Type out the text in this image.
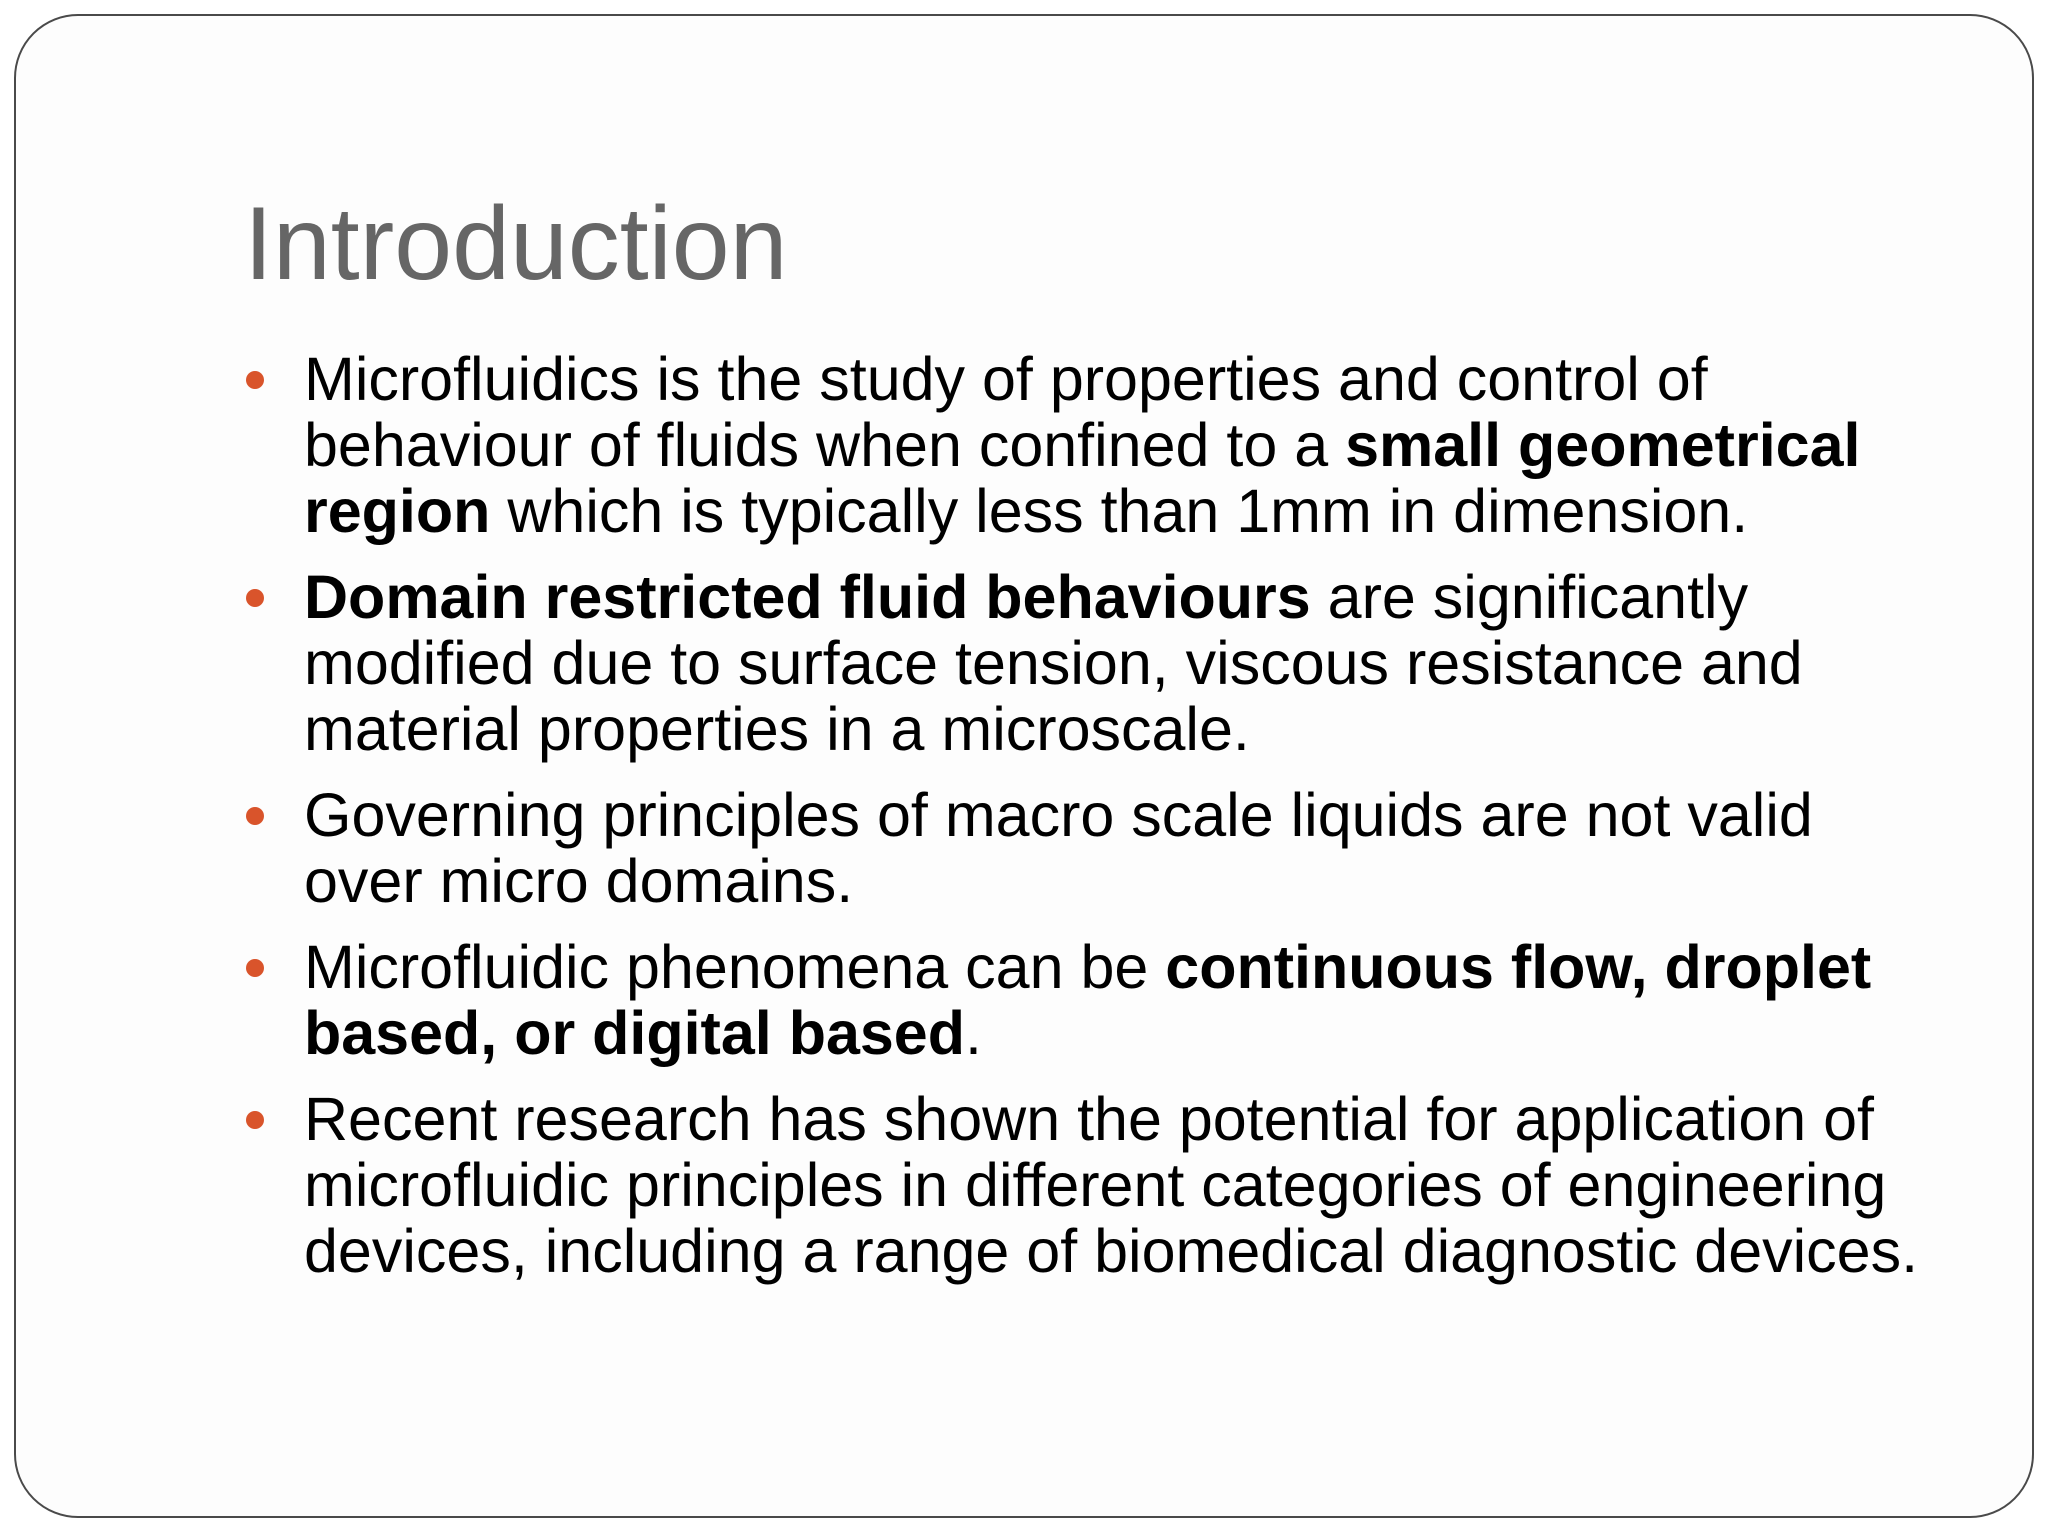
Introduction
Microfluidics is the study of properties and control of behaviour of fluids when confined to a small geometrical region which is typically less than 1mm in dimension.
Domain restricted fluid behaviours are significantly modified due to surface tension, viscous resistance and material properties in a microscale.
Governing principles of macro scale liquids are not valid over micro domains.
Microfluidic phenomena can be continuous flow, droplet based, or digital based.
Recent research has shown the potential for application of microfluidic principles in different categories of engineering devices, including a range of biomedical diagnostic devices.
